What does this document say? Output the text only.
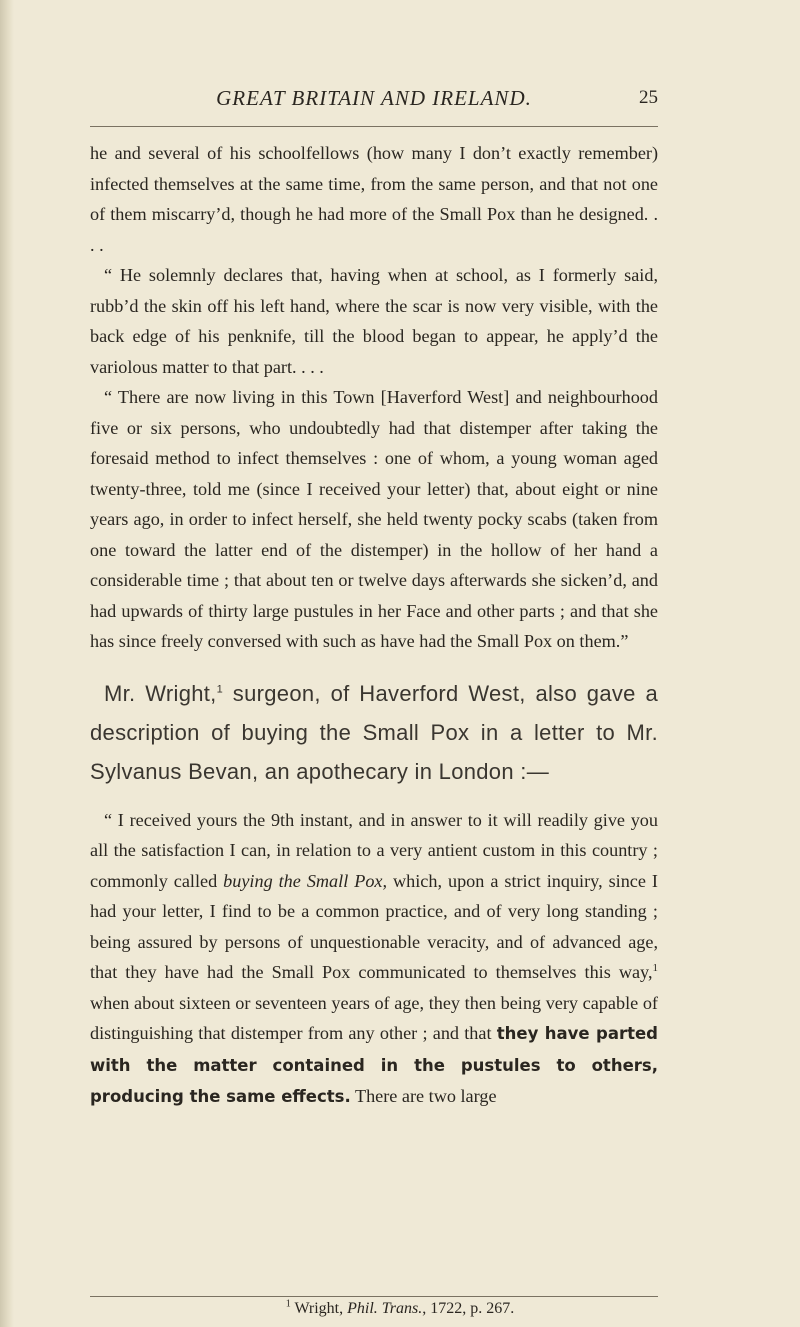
GREAT BRITAIN AND IRELAND.	25

he and several of his schoolfellows (how many I don’t exactly remember) infected themselves at the same time, from the same person, and that not one of them miscarry’d, though he had more of the Small Pox than he designed. . . .

“ He solemnly declares that, having when at school, as I formerly said, rubb’d the skin off his left hand, where the scar is now very visible, with the back edge of his penknife, till the blood began to appear, he apply’d the variolous matter to that part. . . .

“ There are now living in this Town [Haverford West] and neighbourhood five or six persons, who undoubtedly had that distemper after taking the foresaid method to infect themselves : one of whom, a young woman aged twenty-three, told me (since I received your letter) that, about eight or nine years ago, in order to infect herself, she held twenty pocky scabs (taken from one toward the latter end of the distemper) in the hollow of her hand a considerable time ; that about ten or twelve days afterwards she sicken’d, and had upwards of thirty large pustules in her Face and other parts ; and that she has since freely conversed with such as have had the Small Pox on them.”

Mr. Wright,$^1$ surgeon, of Haverford West, also gave a description of buying the Small Pox in a letter to Mr. Sylvanus Bevan, an apothecary in London :—

“ I received yours the 9th instant, and in answer to it will readily give you all the satisfaction I can, in relation to a very antient custom in this country ; commonly called buying the Small Pox, which, upon a strict inquiry, since I had your letter, I find to be a common practice, and of very long standing ; being assured by persons of unquestionable veracity, and of advanced age, that they have had the Small Pox communicated to themselves this way,$^1$ when about sixteen or seventeen years of age, they then being very capable of distinguishing that distemper from any other ; and that they have parted with the matter contained in the pustules to others, producing the same effects. There are two large

$^1$ Wright, Phil. Trans., 1722, p. 267.
